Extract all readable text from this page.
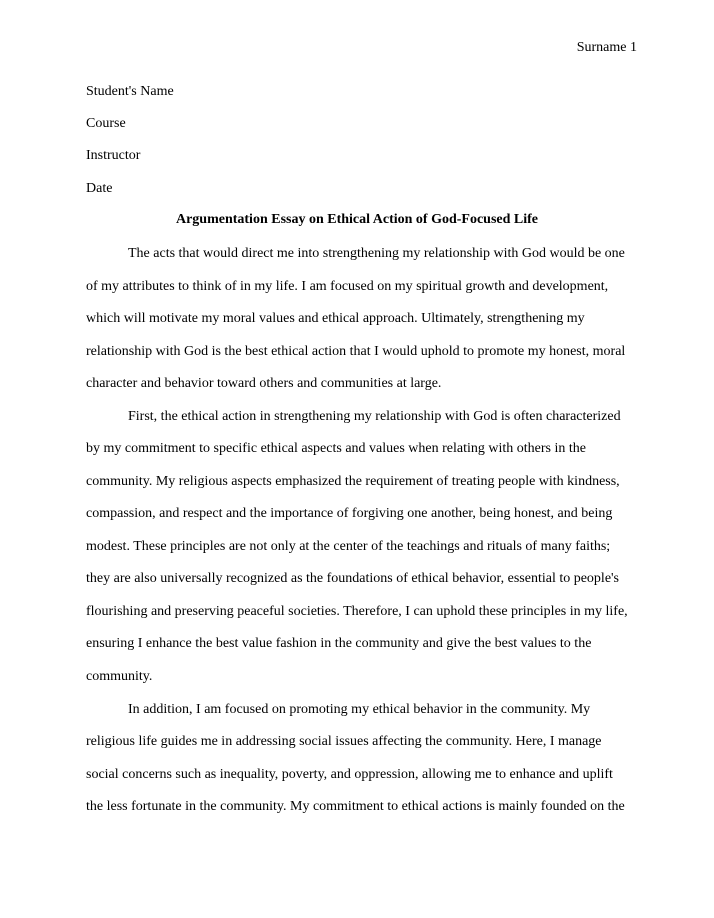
Surname 1
Student's Name
Course
Instructor
Date
Argumentation Essay on Ethical Action of God-Focused Life
The acts that would direct me into strengthening my relationship with God would be one
of my attributes to think of in my life. I am focused on my spiritual growth and development,
which will motivate my moral values and ethical approach. Ultimately, strengthening my
relationship with God is the best ethical action that I would uphold to promote my honest, moral
character and behavior toward others and communities at large.
First, the ethical action in strengthening my relationship with God is often characterized
by my commitment to specific ethical aspects and values when relating with others in the
community. My religious aspects emphasized the requirement of treating people with kindness,
compassion, and respect and the importance of forgiving one another, being honest, and being
modest. These principles are not only at the center of the teachings and rituals of many faiths;
they are also universally recognized as the foundations of ethical behavior, essential to people's
flourishing and preserving peaceful societies. Therefore, I can uphold these principles in my life,
ensuring I enhance the best value fashion in the community and give the best values to the
community.
In addition, I am focused on promoting my ethical behavior in the community. My
religious life guides me in addressing social issues affecting the community. Here, I manage
social concerns such as inequality, poverty, and oppression, allowing me to enhance and uplift
the less fortunate in the community. My commitment to ethical actions is mainly founded on the
